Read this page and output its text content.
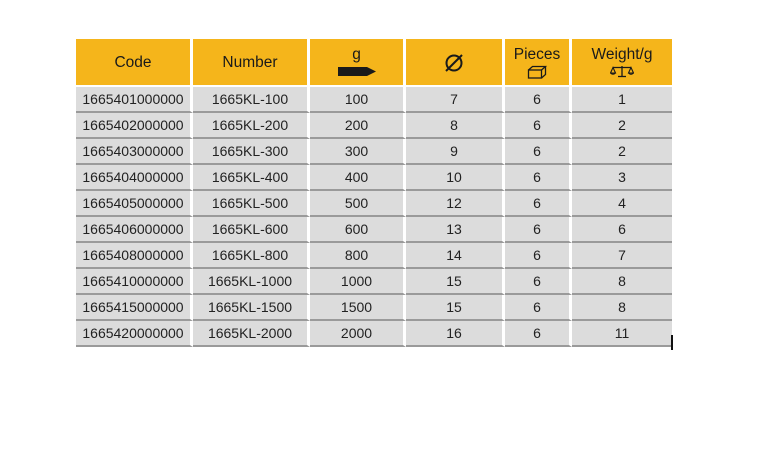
Code	Number	g		Pieces	Weight/g

1665401000000	1665KL-100	100	7	6	1
1665402000000	1665KL-200	200	8	6	2
1665403000000	1665KL-300	300	9	6	2
1665404000000	1665KL-400	400	10	6	3
1665405000000	1665KL-500	500	12	6	4
1665406000000	1665KL-600	600	13	6	6
1665408000000	1665KL-800	800	14	6	7
1665410000000	1665KL-1000	1000	15	6	8
1665415000000	1665KL-1500	1500	15	6	8
1665420000000	1665KL-2000	2000	16	6	11
